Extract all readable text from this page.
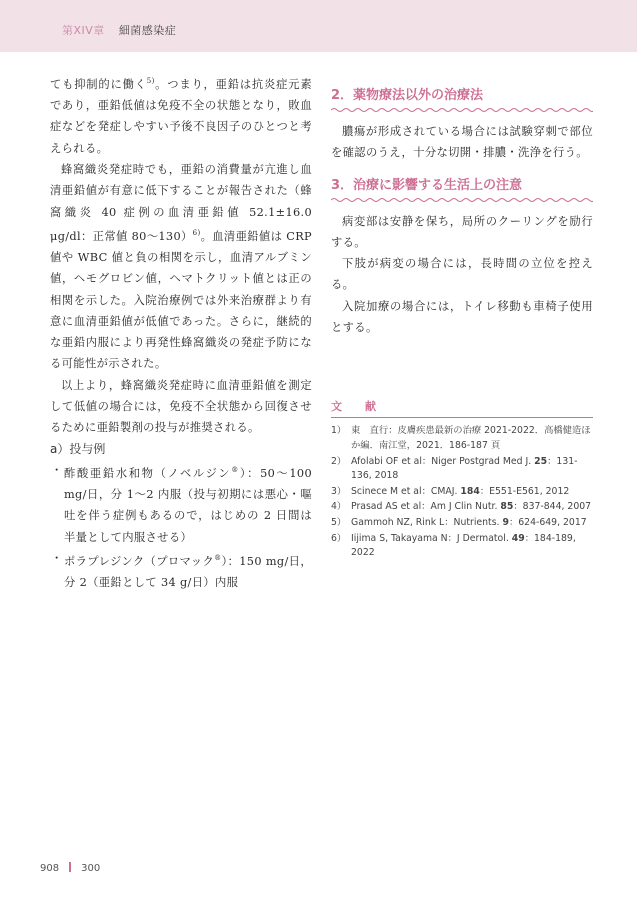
第XIV章 細菌感染症

ても抑制的に働く$^{5)}$。つまり，亜鉛は抗炎症元素であり，亜鉛低値は免疫不全の状態となり，敗血症などを発症しやすい予後不良因子のひとつと考えられる。

蜂窩織炎発症時でも，亜鉛の消費量が亢進し血清亜鉛値が有意に低下することが報告された（蜂窩織炎 40 症例の血清亜鉛値 52.1±16.0 μg/dl：正常値 80～130）$^{6)}$。血清亜鉛値は CRP 値や WBC 値と負の相関を示し，血清アルブミン値，ヘモグロビン値，ヘマトクリット値とは正の相関を示した。入院治療例では外来治療群より有意に血清亜鉛値が低値であった。さらに，継続的な亜鉛内服により再発性蜂窩織炎の発症予防になる可能性が示された。

以上より，蜂窩織炎発症時に血清亜鉛値を測定して低値の場合には，免疫不全状態から回復させるために亜鉛製剤の投与が推奨される。

a）投与例

・ 酢酸亜鉛水和物（ノベルジン®）：50～100 mg/日，分 1～2 内服（投与初期には悪心・嘔吐を伴う症例もあるので，はじめの 2 日間は半量として内服させる）
・ ポラプレジンク（プロマック®）：150 mg/日，分 2（亜鉛として 34 g/日）内服
2．薬物療法以外の治療法

膿瘍が形成されている場合には試験穿刺で部位を確認のうえ，十分な切開・排膿・洗浄を行う。

3．治療に影響する生活上の注意

病変部は安静を保ち，局所のクーリングを励行する。

下肢が病変の場合には，長時間の立位を控える。

入院加療の場合には，トイレ移動も車椅子使用とする。

文　献
1） 東　直行：皮膚疾患最新の治療 2021-2022．高橋健造ほか編．南江堂，2021．186-187 頁
2） Afolabi OF et al：Niger Postgrad Med J. 25：131-136, 2018
3） Scinece M et al：CMAJ. 184：E551-E561, 2012
4） Prasad AS et al：Am J Clin Nutr. 85：837-844, 2007
5） Gammoh NZ, Rink L：Nutrients. 9：624-649, 2017
6） Iijima S, Takayama N：J Dermatol. 49：184-189, 2022
908 300
